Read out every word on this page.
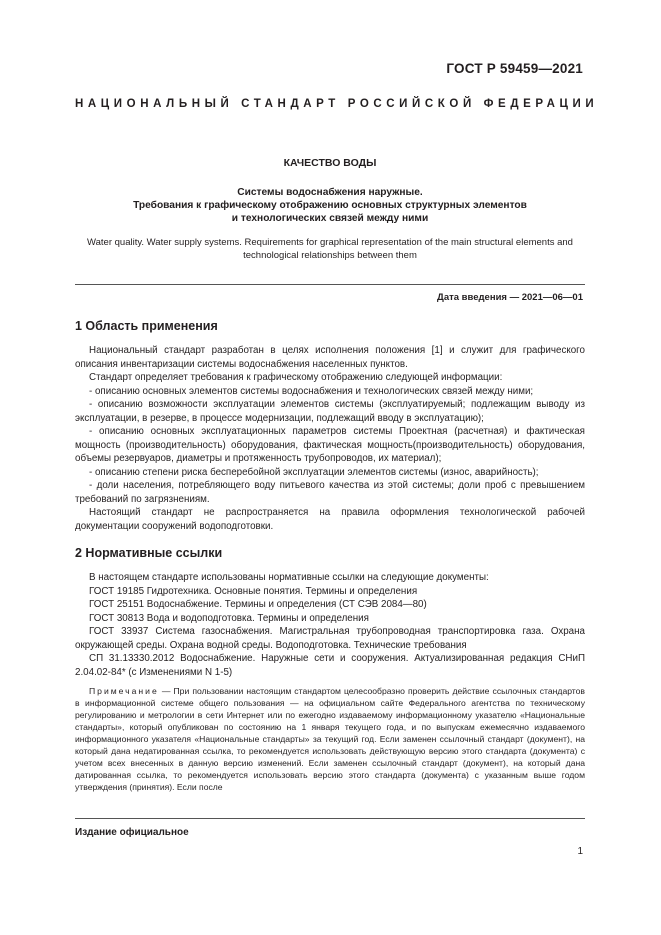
ГОСТ Р 59459—2021
НАЦИОНАЛЬНЫЙ СТАНДАРТ РОССИЙСКОЙ ФЕДЕРАЦИИ
КАЧЕСТВО ВОДЫ
Системы водоснабжения наружные.
Требования к графическому отображению основных структурных элементов
и технологических связей между ними
Water quality. Water supply systems. Requirements for graphical representation of the main structural elements and technological relationships between them
Дата введения — 2021—06—01
1 Область применения

Национальный стандарт разработан в целях исполнения положения [1] и служит для графического описания инвентаризации системы водоснабжения населенных пунктов.

Стандарт определяет требования к графическому отображению следующей информации:

- описанию основных элементов системы водоснабжения и технологических связей между ними;

- описанию возможности эксплуатации элементов системы (эксплуатируемый; подлежащим выводу из эксплуатации, в резерве, в процессе модернизации, подлежащий вводу в эксплуатацию);

- описанию основных эксплуатационных параметров системы Проектная (расчетная) и фактическая мощность (производительность) оборудования, фактическая мощность(производительность) оборудования, объемы резервуаров, диаметры и протяженность трубопроводов, их материал);

- описанию степени риска бесперебойной эксплуатации элементов системы (износ, аварийность);

- доли населения, потребляющего воду питьевого качества из этой системы; доли проб с превышением требований по загрязнениям.

Настоящий стандарт не распространяется на правила оформления технологической рабочей документации сооружений водоподготовки.

2 Нормативные ссылки

В настоящем стандарте использованы нормативные ссылки на следующие документы:

ГОСТ 19185 Гидротехника. Основные понятия. Термины и определения

ГОСТ 25151 Водоснабжение. Термины и определения (СТ СЭВ 2084—80)

ГОСТ 30813 Вода и водоподготовка. Термины и определения

ГОСТ 33937 Система газоснабжения. Магистральная трубопроводная транспортировка газа. Охрана окружающей среды. Охрана водной среды. Водоподготовка. Технические требования

СП 31.13330.2012 Водоснабжение. Наружные сети и сооружения. Актуализированная редакция СНиП 2.04.02-84* (с Изменениями N 1-5)

Примечание — При пользовании настоящим стандартом целесообразно проверить действие ссылочных стандартов в информационной системе общего пользования — на официальном сайте Федерального агентства по техническому регулированию и метрологии в сети Интернет или по ежегодно издаваемому информационному указателю «Национальные стандарты», который опубликован по состоянию на 1 января текущего года, и по выпускам ежемесячно издаваемого информационного указателя «Национальные стандарты» за текущий год. Если заменен ссылочный стандарт (документ), на который дана недатированная ссылка, то рекомендуется использовать действующую версию этого стандарта (документа) с учетом всех внесенных в данную версию изменений. Если заменен ссылочный стандарт (документ), на который дана датированная ссылка, то рекомендуется использовать версию этого стандарта (документа) с указанным выше годом утверждения (принятия). Если после

Издание официальное
1
